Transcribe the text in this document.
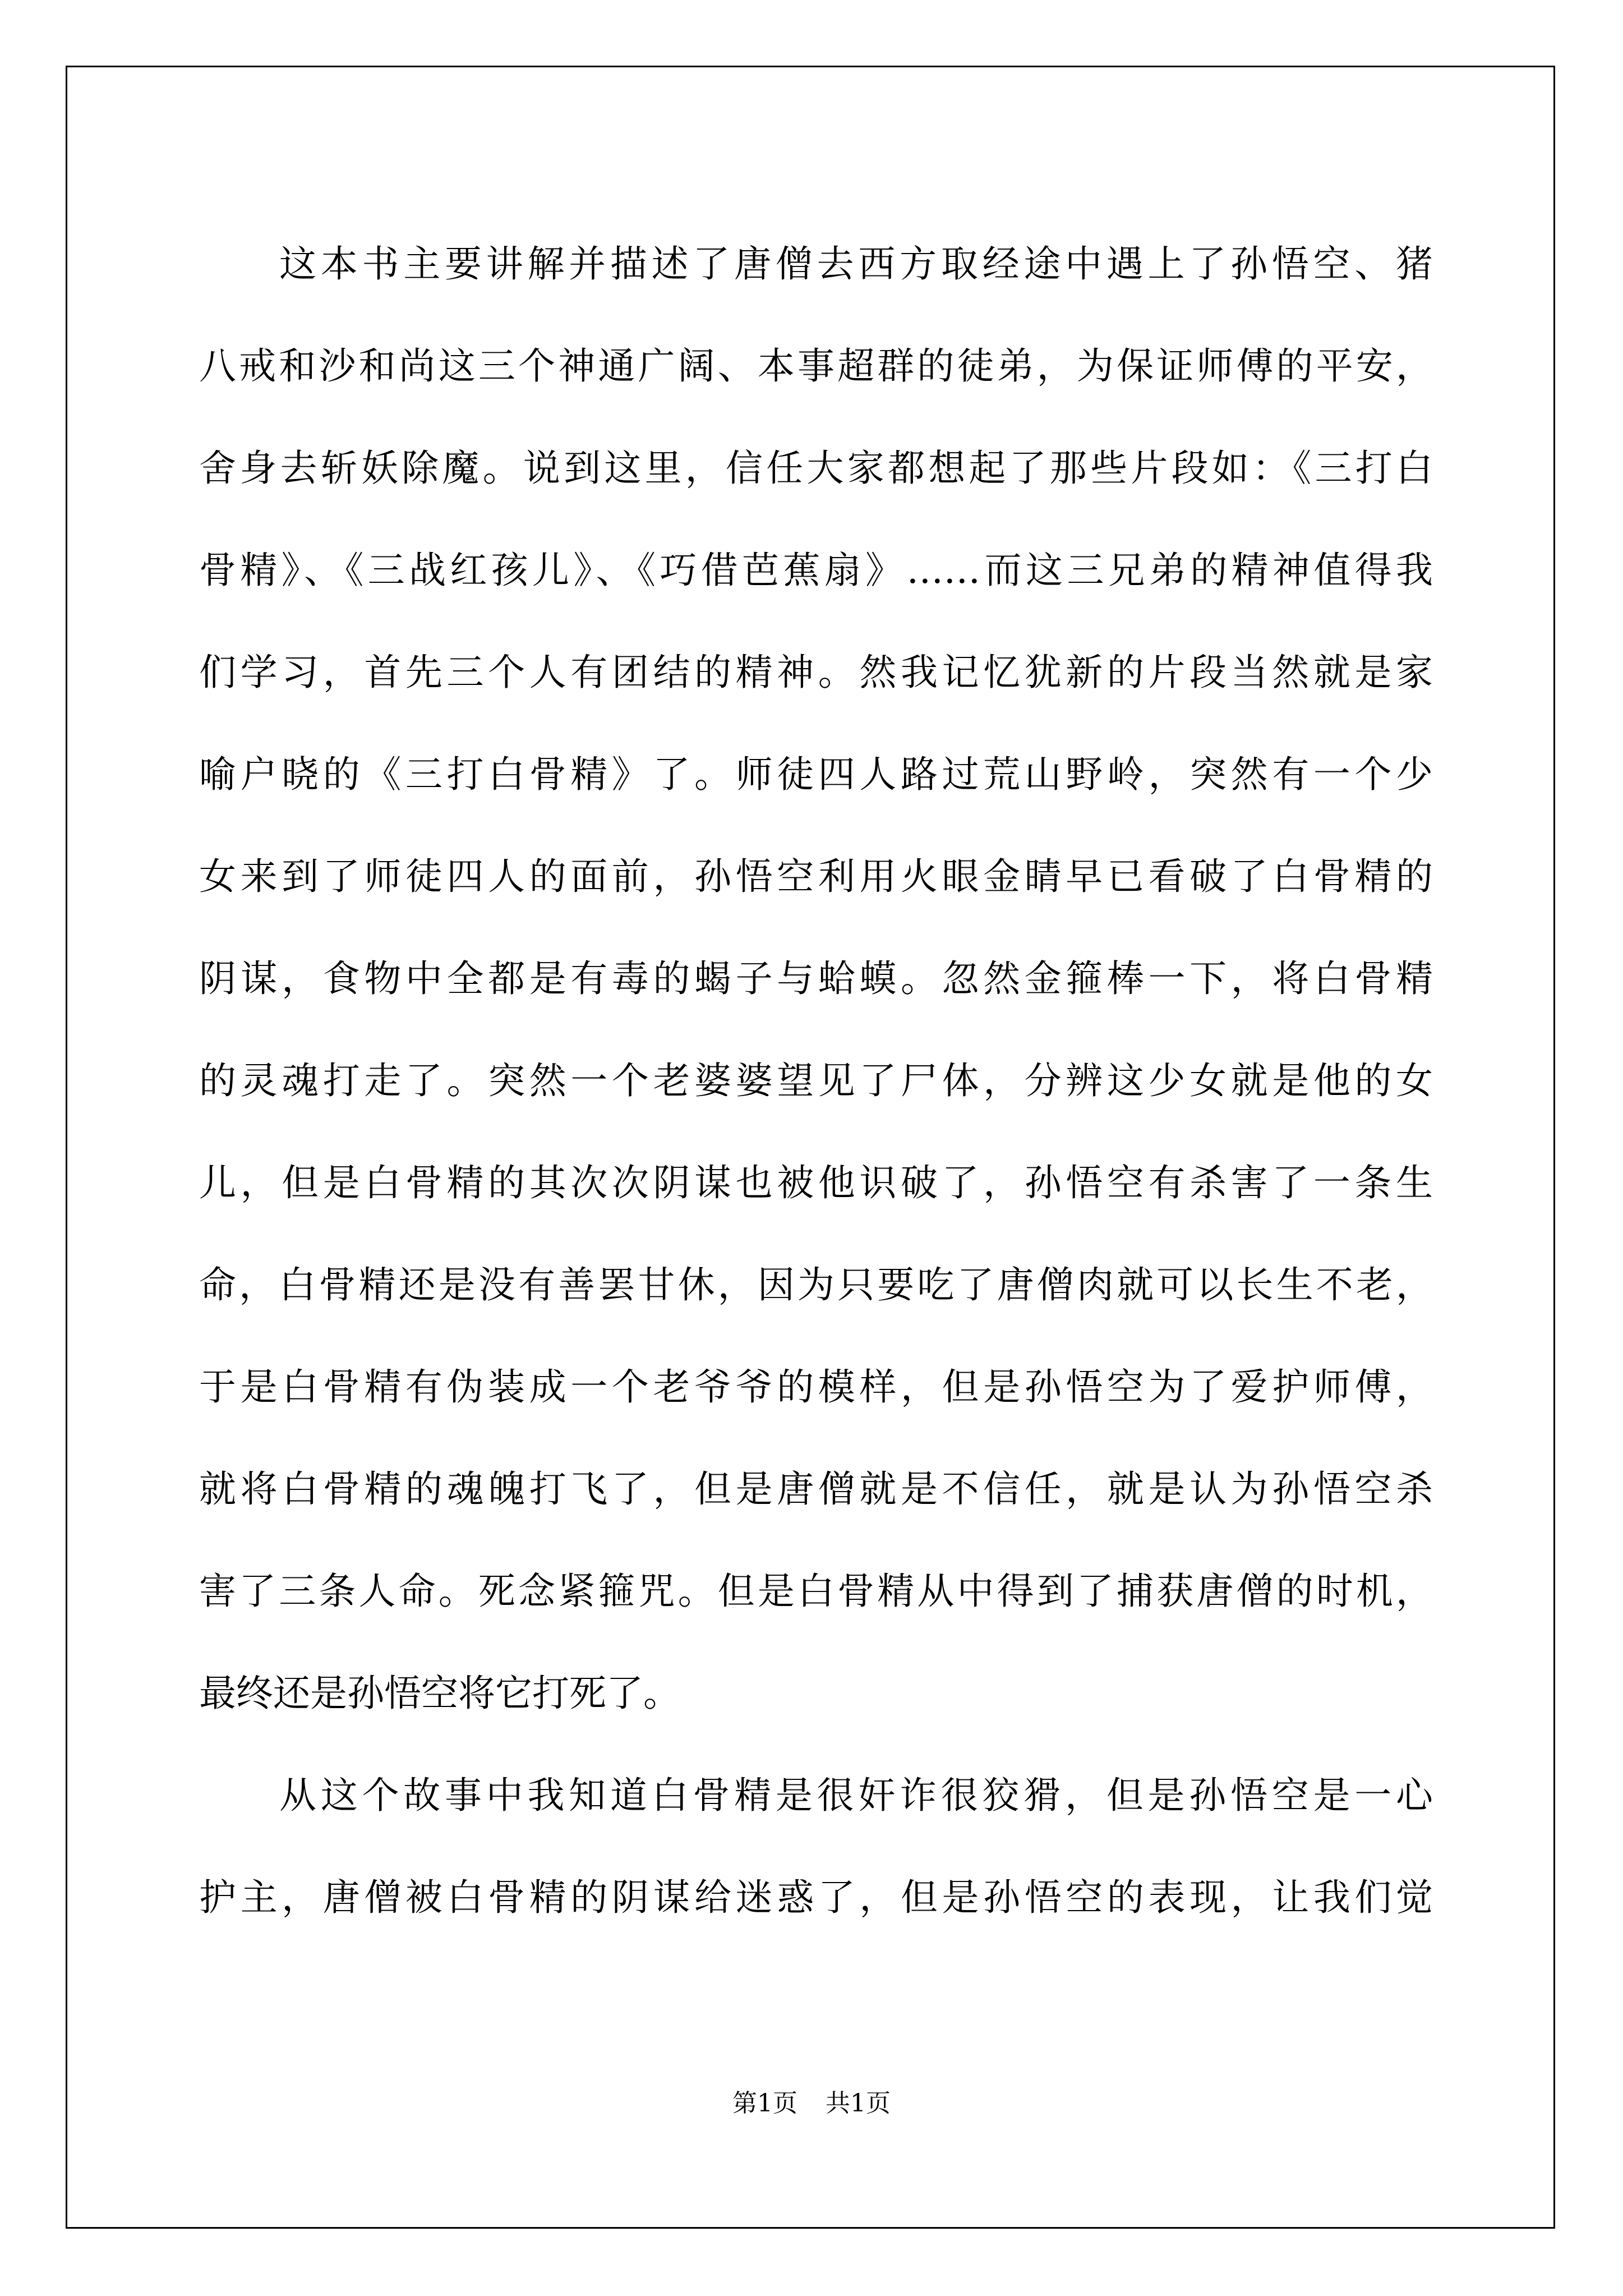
这本书主要讲解并描述了唐僧去西方取经途中遇上了孙悟空、猪
八戒和沙和尚这三个神通广阔、本事超群的徒弟，为保证师傅的平安，
舍身去斩妖除魔。说到这里，信任大家都想起了那些片段如：《三打白
骨精》、《三战红孩儿》、《巧借芭蕉扇》……而这三兄弟的精神值得我
们学习，首先三个人有团结的精神。然我记忆犹新的片段当然就是家
喻户晓的《三打白骨精》了。师徒四人路过荒山野岭，突然有一个少
女来到了师徒四人的面前，孙悟空利用火眼金睛早已看破了白骨精的
阴谋，食物中全都是有毒的蝎子与蛤蟆。忽然金箍棒一下，将白骨精
的灵魂打走了。突然一个老婆婆望见了尸体，分辨这少女就是他的女
儿，但是白骨精的其次次阴谋也被他识破了，孙悟空有杀害了一条生
命，白骨精还是没有善罢甘休，因为只要吃了唐僧肉就可以长生不老，
于是白骨精有伪装成一个老爷爷的模样，但是孙悟空为了爱护师傅，
就将白骨精的魂魄打飞了，但是唐僧就是不信任，就是认为孙悟空杀
害了三条人命。死念紧箍咒。但是白骨精从中得到了捕获唐僧的时机，
最终还是孙悟空将它打死了。
从这个故事中我知道白骨精是很奸诈很狡猾，但是孙悟空是一心
护主，唐僧被白骨精的阴谋给迷惑了，但是孙悟空的表现，让我们觉
第1页 共1页
